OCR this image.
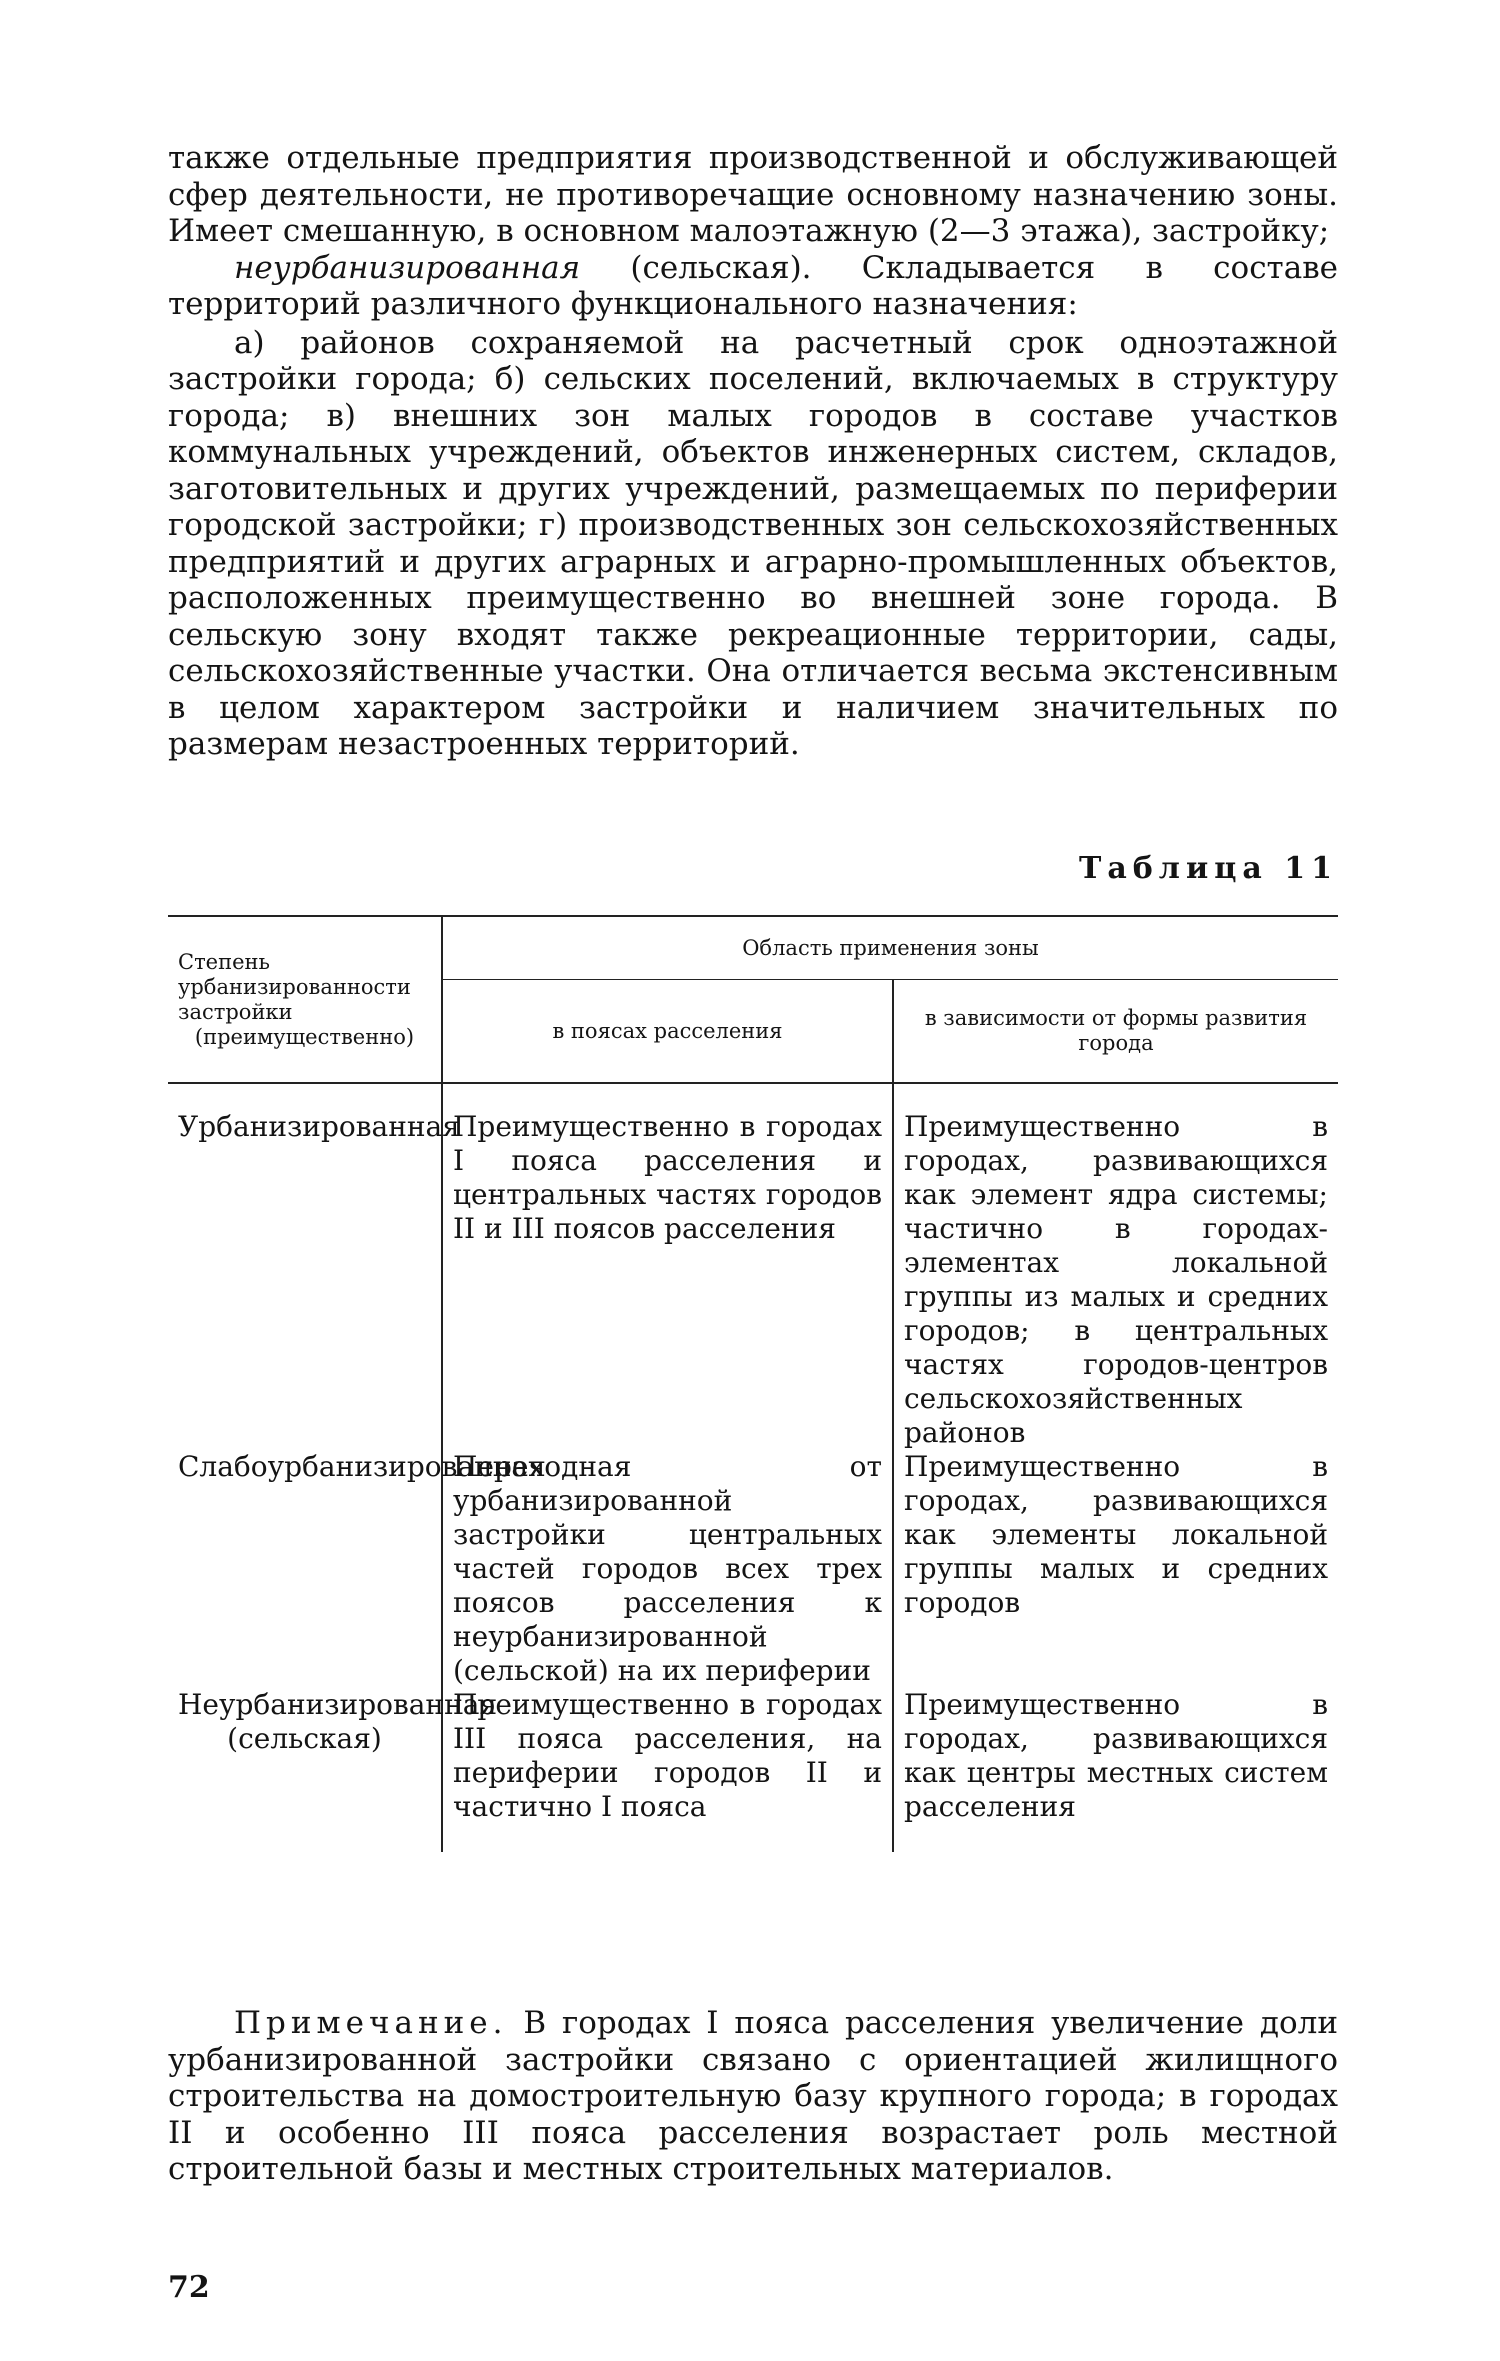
также отдельные предприятия производственной и обслуживающей сфер деятельности, не противоречащие основному назначению зоны. Имеет смешанную, в основном малоэтажную (2—3 этажа), застройку;

неурбанизированная (сельская). Складывается в составе территорий различного функционального назначения:

а) районов сохраняемой на расчетный срок одноэтажной застройки города; б) сельских поселений, включаемых в структуру города; в) внешних зон малых городов в составе участков коммунальных учреждений, объектов инженерных систем, складов, заготовительных и других учреждений, размещаемых по периферии городской застройки; г) производственных зон сельскохозяйственных предприятий и других аграрных и аграрно-промышленных объектов, расположенных преимущественно во внешней зоне города. В сельскую зону входят также рекреационные территории, сады, сельскохозяйственные участки. Она отличается весьма экстенсивным в целом характером застройки и наличием значительных по размерам незастроенных территорий.

Таблица 11
Степень урбанизированности застройки (преимущественно)	Область применения зоны	
	в поясах расселения	в зависимости от формы развития города
Урбанизированная	Преимущественно в городах I пояса расселения и центральных частях городов II и III поясов расселения	Преимущественно в городах, развивающихся как элемент ядра системы; частично в городах-элементах локальной группы из малых и средних городов; в центральных частях городов-центров сельскохозяйственных районов
Слабоурбанизированная	Переходная от урбанизированной застройки центральных частей городов всех трех поясов расселения к неурбанизированной (сельской) на их периферии	Преимущественно в городах, развивающихся как элементы локальной группы малых и средних городов
Неурбанизированная (сельская)	Преимущественно в городах III пояса расселения, на периферии городов II и частично I пояса	Преимущественно в городах, развивающихся как центры местных систем расселения

Примечание. В городах I пояса расселения увеличение доли урбанизированной застройки связано с ориентацией жилищного строительства на домостроительную базу крупного города; в городах II и особенно III пояса расселения возрастает роль местной строительной базы и местных строительных материалов.

72
